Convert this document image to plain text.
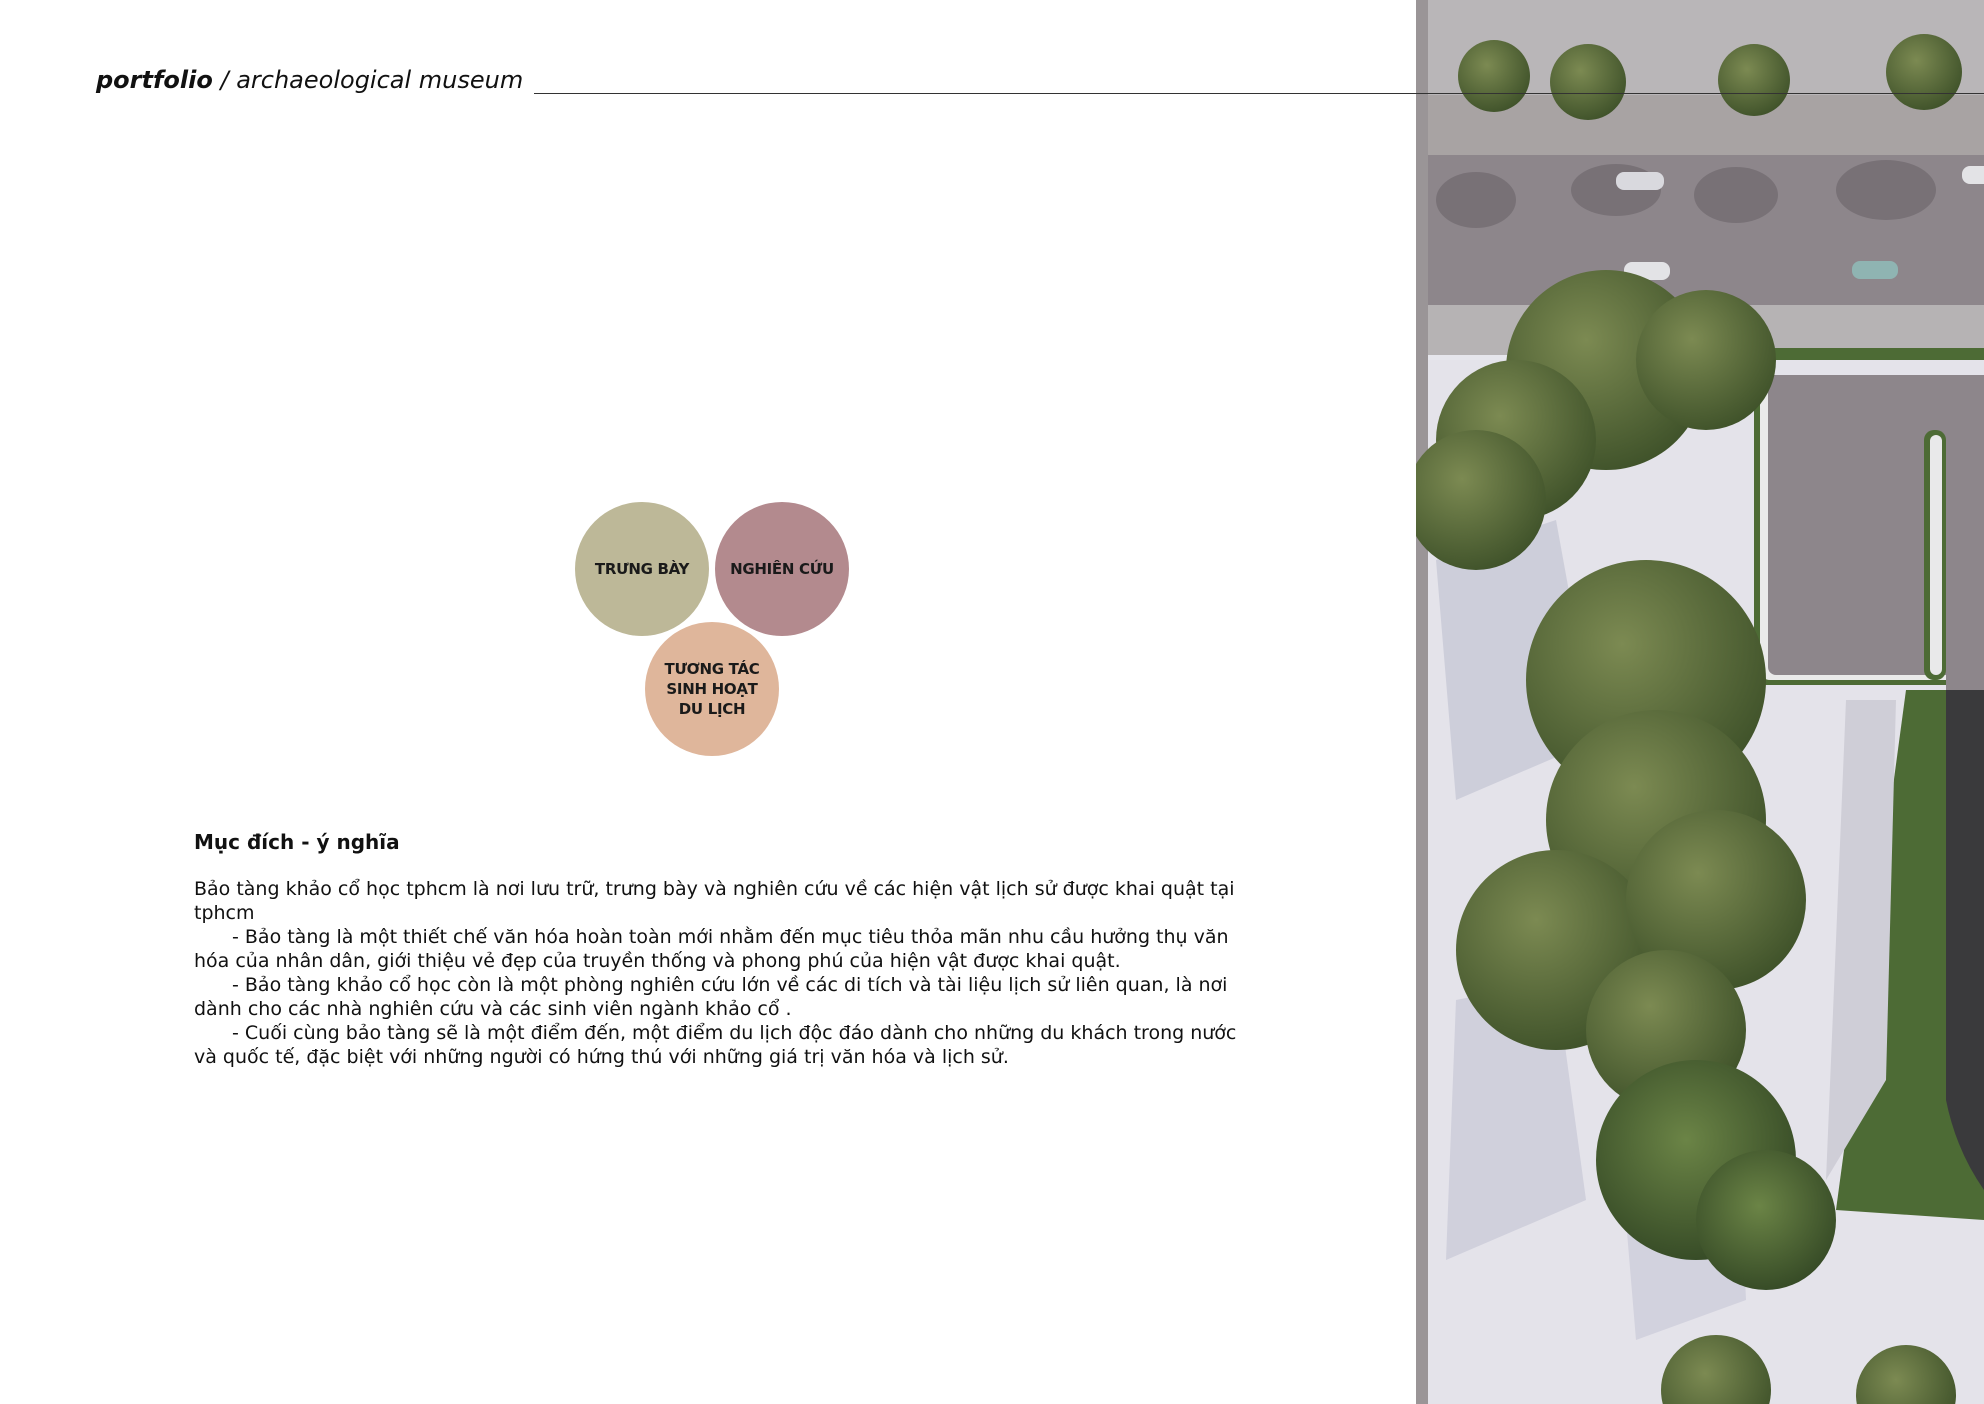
portfolio / archaeological museum
TRƯNG BÀY	NGHIÊN CỨU
TƯƠNG TÁC
SINH HOẠT
DU LỊCH
Mục đích - ý nghĩa

Bảo tàng khảo cổ học tphcm là nơi lưu trữ, trưng bày và nghiên cứu về các hiện vật lịch sử được khai quật tại tphcm

- Bảo tàng là một thiết chế văn hóa hoàn toàn mới nhằm đến mục tiêu thỏa mãn nhu cầu hưởng thụ văn hóa của nhân dân, giới thiệu vẻ đẹp của truyền thống và phong phú của hiện vật được khai quật.

- Bảo tàng khảo cổ học còn là một phòng nghiên cứu lớn về các di tích và tài liệu lịch sử liên quan, là nơi dành cho các nhà nghiên cứu và các sinh viên ngành khảo cổ .

- Cuối cùng bảo tàng sẽ là một điểm đến, một điểm du lịch độc đáo dành cho những du khách trong nước và quốc tế, đặc biệt với những người có hứng thú với những giá trị văn hóa và lịch sử.
